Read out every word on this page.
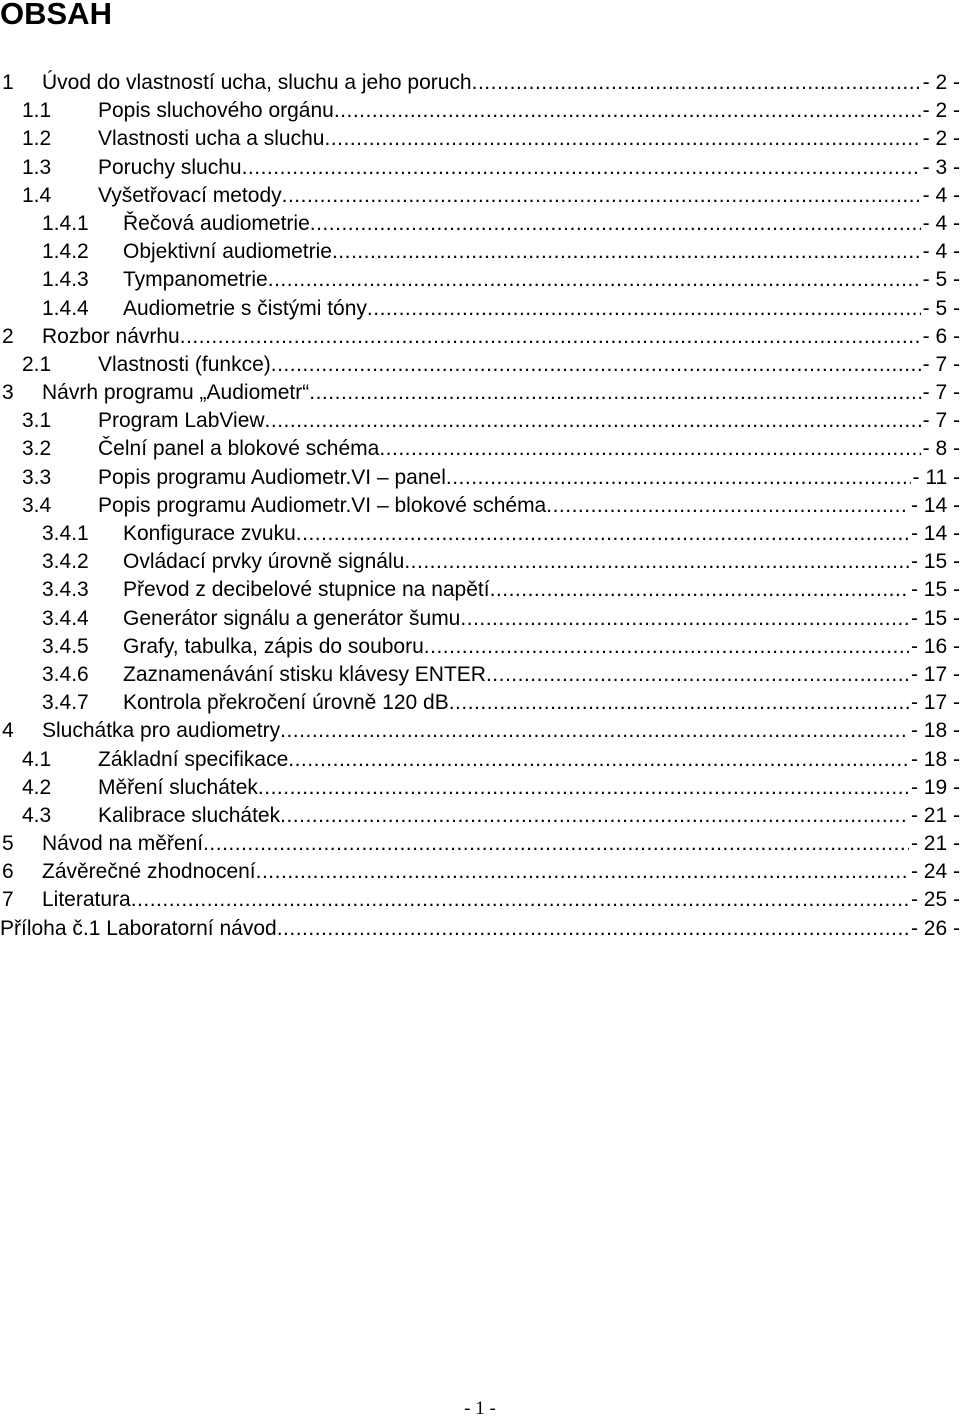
OBSAH
1 Úvod do vlastností ucha, sluchu a jeho poruch .....	- 2 -
1.1 Popis sluchového orgánu .....	- 2 -
1.2 Vlastnosti ucha a sluchu .....	- 2 -
1.3 Poruchy sluchu .....	- 3 -
1.4 Vyšetřovací metody .....	- 4 -
1.4.1 Řečová audiometrie .....	- 4 -
1.4.2 Objektivní audiometrie .....	- 4 -
1.4.3 Tympanometrie .....	- 5 -
1.4.4 Audiometrie s čistými tóny .....	- 5 -
2 Rozbor návrhu .....	- 6 -
2.1 Vlastnosti (funkce) .....	- 7 -
3 Návrh programu „Audiometr“ .....	- 7 -
3.1 Program LabView .....	- 7 -
3.2 Čelní panel a blokové schéma .....	- 8 -
3.3 Popis programu Audiometr.VI – panel .....	- 11 -
3.4 Popis programu Audiometr.VI – blokové schéma .....	- 14 -
3.4.1 Konfigurace zvuku .....	- 14 -
3.4.2 Ovládací prvky úrovně signálu .....	- 15 -
3.4.3 Převod z decibelové stupnice na napětí .....	- 15 -
3.4.4 Generátor signálu a generátor šumu .....	- 15 -
3.4.5 Grafy, tabulka, zápis do souboru .....	- 16 -
3.4.6 Zaznamenávání stisku klávesy ENTER .....	- 17 -
3.4.7 Kontrola překročení úrovně 120 dB .....	- 17 -
4 Sluchátka pro audiometry .....	- 18 -
4.1 Základní specifikace .....	- 18 -
4.2 Měření sluchátek .....	- 19 -
4.3 Kalibrace sluchátek .....	- 21 -
5 Návod na měření .....	- 21 -
6 Závěrečné zhodnocení .....	- 24 -
7 Literatura .....	- 25 -
Příloha č.1 Laboratorní návod .....	- 26 -
- 1 -
